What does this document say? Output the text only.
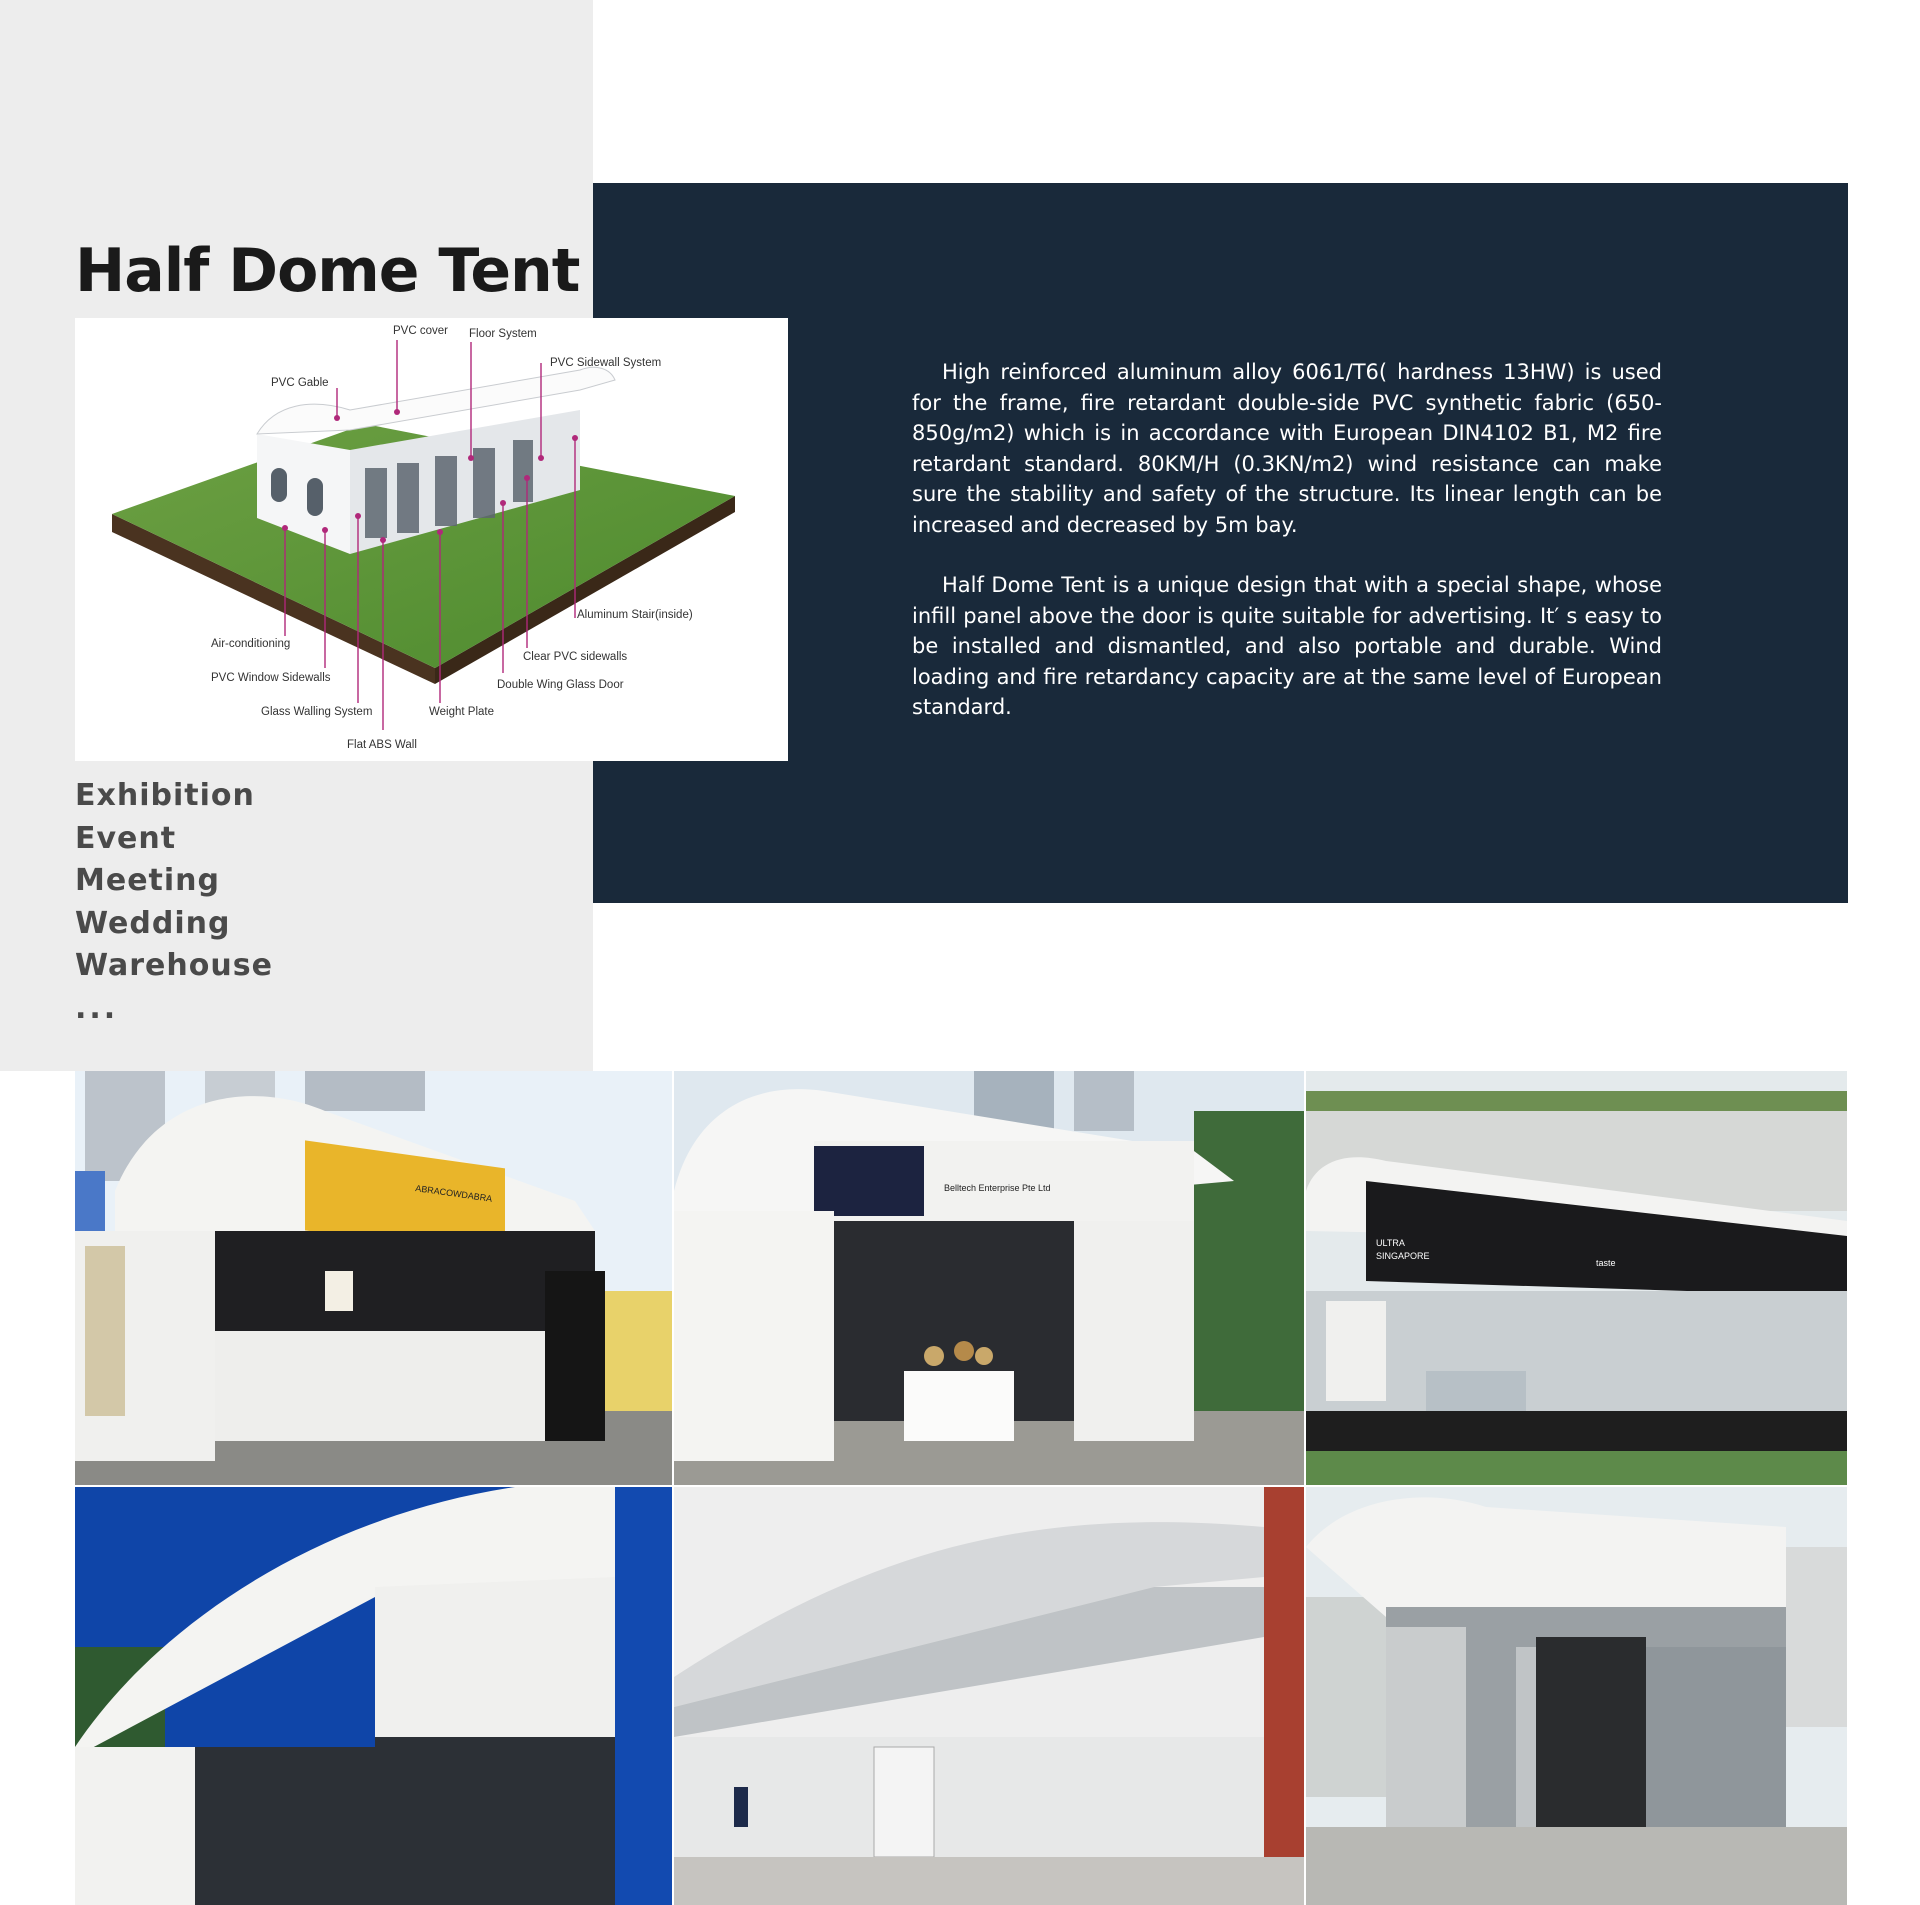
Half Dome Tent

High reinforced aluminum alloy 6061/T6( hardness 13HW) is used for the frame, fire retardant double-side PVC synthetic fabric (650-850g/m2) which is in accordance with European DIN4102 B1, M2 fire retardant standard. 80KM/H (0.3KN/m2) wind resistance can make sure the stability and safety of the structure. Its linear length can be increased and decreased by 5m bay.

Half Dome Tent is a unique design that with a special shape, whose infill panel above the door is quite suitable for advertising. It′ s easy to be installed and dismantled, and also portable and durable. Wind loading and fire retardancy capacity are at the same level of European standard.

PVC cover Floor System
PVC Sidewall System
PVC Gable
Aluminum Stair(inside)
Air-conditioning
Clear PVC sidewalls
PVC Window Sidewalls
Double Wing Glass Door
Glass Walling System	Weight Plate
Flat ABS Wall
Exhibition
Event
Meeting
Wedding
Warehouse
...
ABRACOWDABRA	Belltech Enterprise Pte Ltd
ULTRA
SINGAPORE
taste
